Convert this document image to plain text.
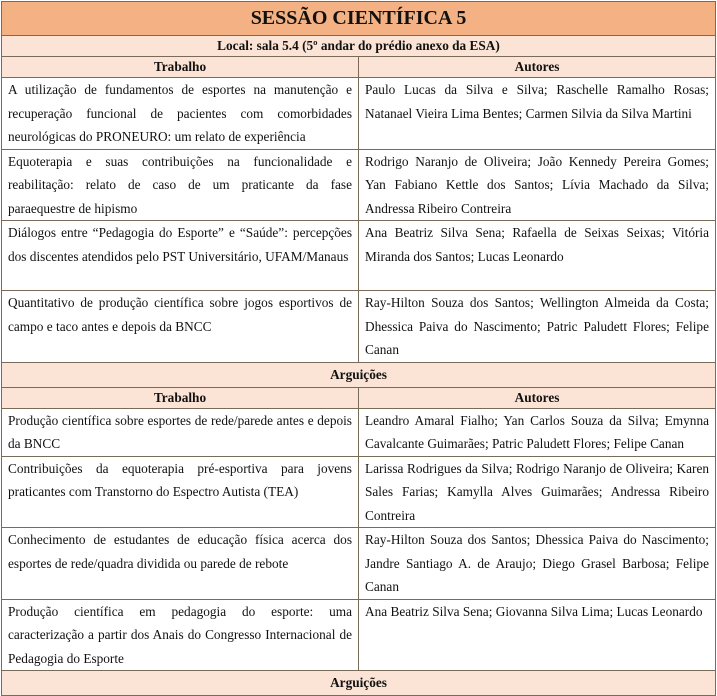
SESSÃO CIENTÍFICA 5	
Local: sala 5.4 (5º andar do prédio anexo da ESA)	
Trabalho	Autores
A utilização de fundamentos de esportes na manutenção e recuperação funcional de pacientes com comorbidades neurológicas do PRONEURO: um relato de experiência	Paulo Lucas da Silva e Silva; Raschelle Ramalho Rosas; Natanael Vieira Lima Bentes; Carmen Silvia da Silva Martini
Equoterapia e suas contribuições na funcionalidade e reabilitação: relato de caso de um praticante da fase paraequestre de hipismo	Rodrigo Naranjo de Oliveira; João Kennedy Pereira Gomes; Yan Fabiano Kettle dos Santos; Lívia Machado da Silva; Andressa Ribeiro Contreira
Diálogos entre “Pedagogia do Esporte” e “Saúde”: percepções dos discentes atendidos pelo PST Universitário, UFAM/Manaus	Ana Beatriz Silva Sena; Rafaella de Seixas Seixas; Vitória Miranda dos Santos; Lucas Leonardo
Quantitativo de produção científica sobre jogos esportivos de campo e taco antes e depois da BNCC	Ray-Hilton Souza dos Santos; Wellington Almeida da Costa; Dhessica Paiva do Nascimento; Patric Paludett Flores; Felipe Canan
Arguições	
Trabalho	Autores
Produção científica sobre esportes de rede/parede antes e depois da BNCC	Leandro Amaral Fialho; Yan Carlos Souza da Silva; Emynna Cavalcante Guimarães; Patric Paludett Flores; Felipe Canan
Contribuições da equoterapia pré-esportiva para jovens praticantes com Transtorno do Espectro Autista (TEA)	Larissa Rodrigues da Silva; Rodrigo Naranjo de Oliveira; Karen Sales Farias; Kamylla Alves Guimarães; Andressa Ribeiro Contreira
Conhecimento de estudantes de educação física acerca dos esportes de rede/quadra dividida ou parede de rebote	Ray-Hilton Souza dos Santos; Dhessica Paiva do Nascimento; Jandre Santiago A. de Araujo; Diego Grasel Barbosa; Felipe Canan
Produção científica em pedagogia do esporte: uma caracterização a partir dos Anais do Congresso Internacional de Pedagogia do Esporte	Ana Beatriz Silva Sena; Giovanna Silva Lima; Lucas Leonardo
Arguições	
